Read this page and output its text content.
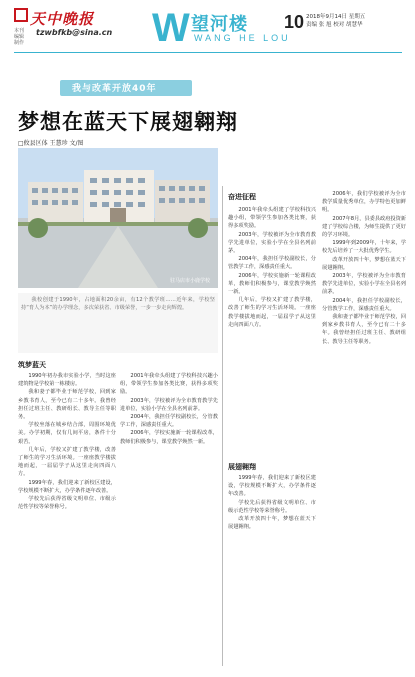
天中晚报
本刊
编辑
制作
tzwbfkb@sina.cn W 望河楼
WANG HE LOU
10 2018年9月14日 星期五
责编 张 旭 校对 胡慧华
我与改革开放40年
梦想在蓝天下展翅翱翔
□攸县区体 王慧珍 文/图
驻马店市小鹿学校

我校创建于1990年，占地面积20余亩，有12个教学班……近年来，学校坚持“育人为本”的办学理念，多次荣获省、市级荣誉，一步一步走向辉煌。

筑梦蓝天

1990年初办我市实验小学，当时这座建筑物是学校第一栋楼房。

我和妻子都毕业于师范学校，回到家乡教书育人，至今已有二十多年。我曾经担任过班主任、教研组长、教导主任等职务。

学校坐落在城乡结合部，周围环境优美。办学初期，仅有几间平房，条件十分艰苦。

几年后，学校又扩建了教学楼，改善了师生的学习生活环境。一座座教学楼拔地而起，一届届学子从这里走向四面八方。

1999年春，我们迎来了新校区建设，学校规模不断扩大，办学条件逐年改善。

学校先后获得省级文明单位、市级示范性学校等荣誉称号。

2001年我牵头组建了学校科技兴趣小组，带领学生参加各类比赛，获得多项奖励。

2003年，学校被评为全市教育教学先进单位，实验小学在全县名列前茅。

2004年，我担任学校副校长，分管教学工作，深感责任重大。

2006年，学校实施新一轮课程改革，教师们积极参与，课堂教学焕然一新。

奋进征程

2001年我牵头组建了学校科技兴趣小组，带领学生参加各类比赛，获得多项奖励。

2003年，学校被评为全市教育教学先进单位，实验小学在全县名列前茅。

2004年，我担任学校副校长，分管教学工作，深感责任重大。

2006年，学校实施新一轮课程改革，教师们积极参与，课堂教学焕然一新。

几年后，学校又扩建了教学楼，改善了师生的学习生活环境。一座座教学楼拔地而起，一届届学子从这里走向四面八方。

展翅翱翔

1999年春，我们迎来了新校区建设，学校规模不断扩大，办学条件逐年改善。

学校先后获得省级文明单位、市级示范性学校等荣誉称号。

改革开放四十年，梦想在蓝天下展翅翱翔。

2006年，我们学校被评为全市教学质量优秀单位，办学特色更加鲜明。

2007年8月，县委县政府投资新建了学校综合楼，为师生提供了更好的学习环境。

1999年到2009年，十年来，学校先后培养了一大批优秀学生。

改革开放四十年，梦想在蓝天下展翅翱翔。

2003年，学校被评为全市教育教学先进单位，实验小学在全县名列前茅。

2004年，我担任学校副校长，分管教学工作，深感责任重大。

我和妻子都毕业于师范学校，回到家乡教书育人，至今已有二十多年。我曾经担任过班主任、教研组长、教导主任等职务。
